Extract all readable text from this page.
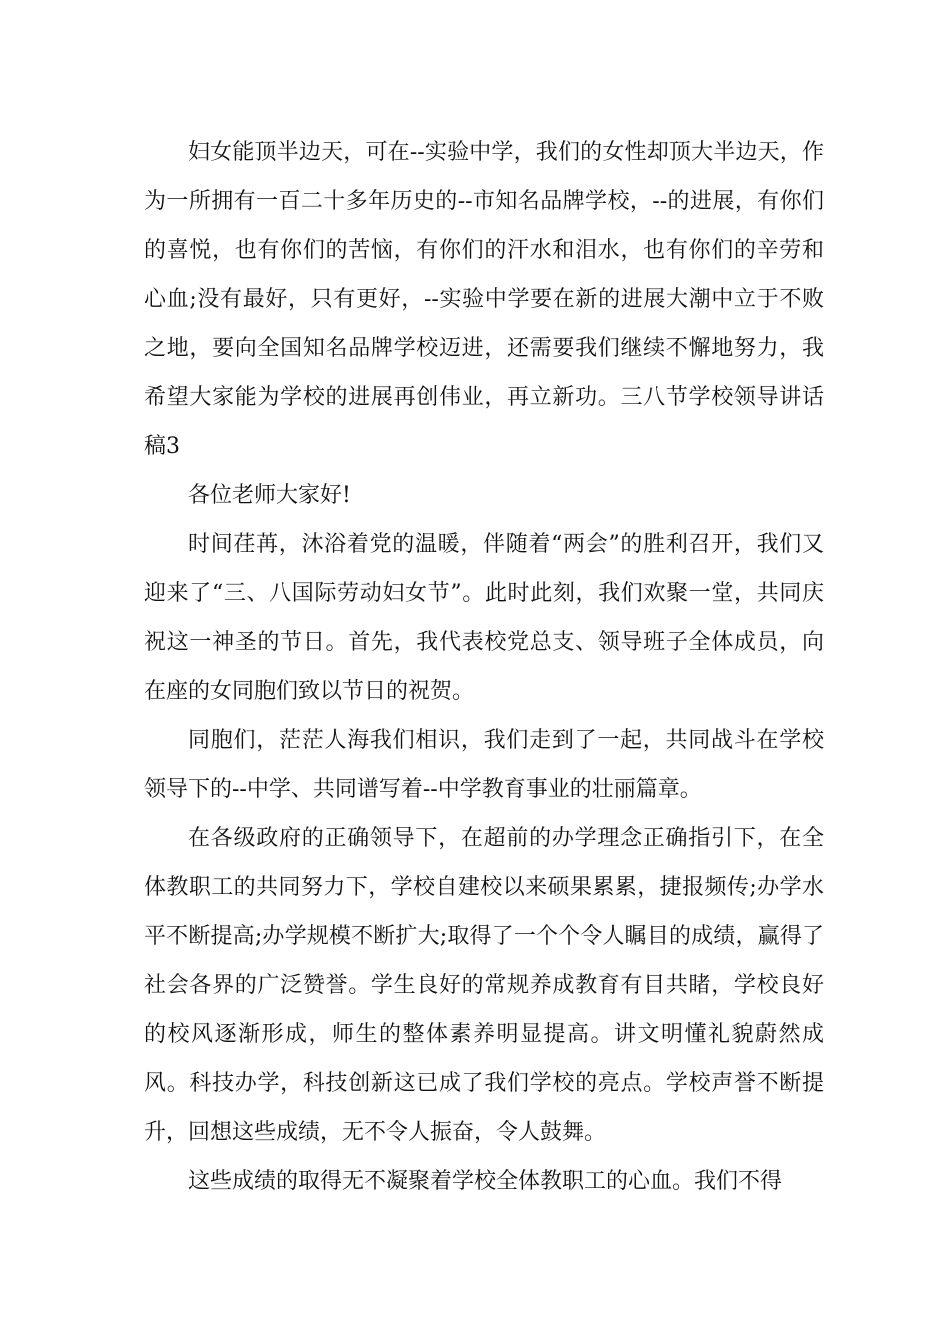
妇女能顶半边天，可在--实验中学，我们的女性却顶大半边天，作为一所拥有一百二十多年历史的--市知名品牌学校，--的进展，有你们的喜悦，也有你们的苦恼，有你们的汗水和泪水，也有你们的辛劳和心血;没有最好，只有更好，--实验中学要在新的进展大潮中立于不败之地，要向全国知名品牌学校迈进，还需要我们继续不懈地努力，我希望大家能为学校的进展再创伟业，再立新功。三八节学校领导讲话稿3

各位老师大家好!

时间荏苒，沐浴着党的温暖，伴随着“两会”的胜利召开，我们又迎来了“三、八国际劳动妇女节”。此时此刻，我们欢聚一堂，共同庆祝这一神圣的节日。首先，我代表校党总支、领导班子全体成员，向在座的女同胞们致以节日的祝贺。

同胞们，茫茫人海我们相识，我们走到了一起，共同战斗在学校领导下的--中学、共同谱写着--中学教育事业的壮丽篇章。

在各级政府的正确领导下，在超前的办学理念正确指引下，在全体教职工的共同努力下，学校自建校以来硕果累累，捷报频传;办学水平不断提高;办学规模不断扩大;取得了一个个令人瞩目的成绩，赢得了社会各界的广泛赞誉。学生良好的常规养成教育有目共睹，学校良好的校风逐渐形成，师生的整体素养明显提高。讲文明懂礼貌蔚然成风。科技办学，科技创新这已成了我们学校的亮点。学校声誉不断提升，回想这些成绩，无不令人振奋，令人鼓舞。

这些成绩的取得无不凝聚着学校全体教职工的心血。我们不得
